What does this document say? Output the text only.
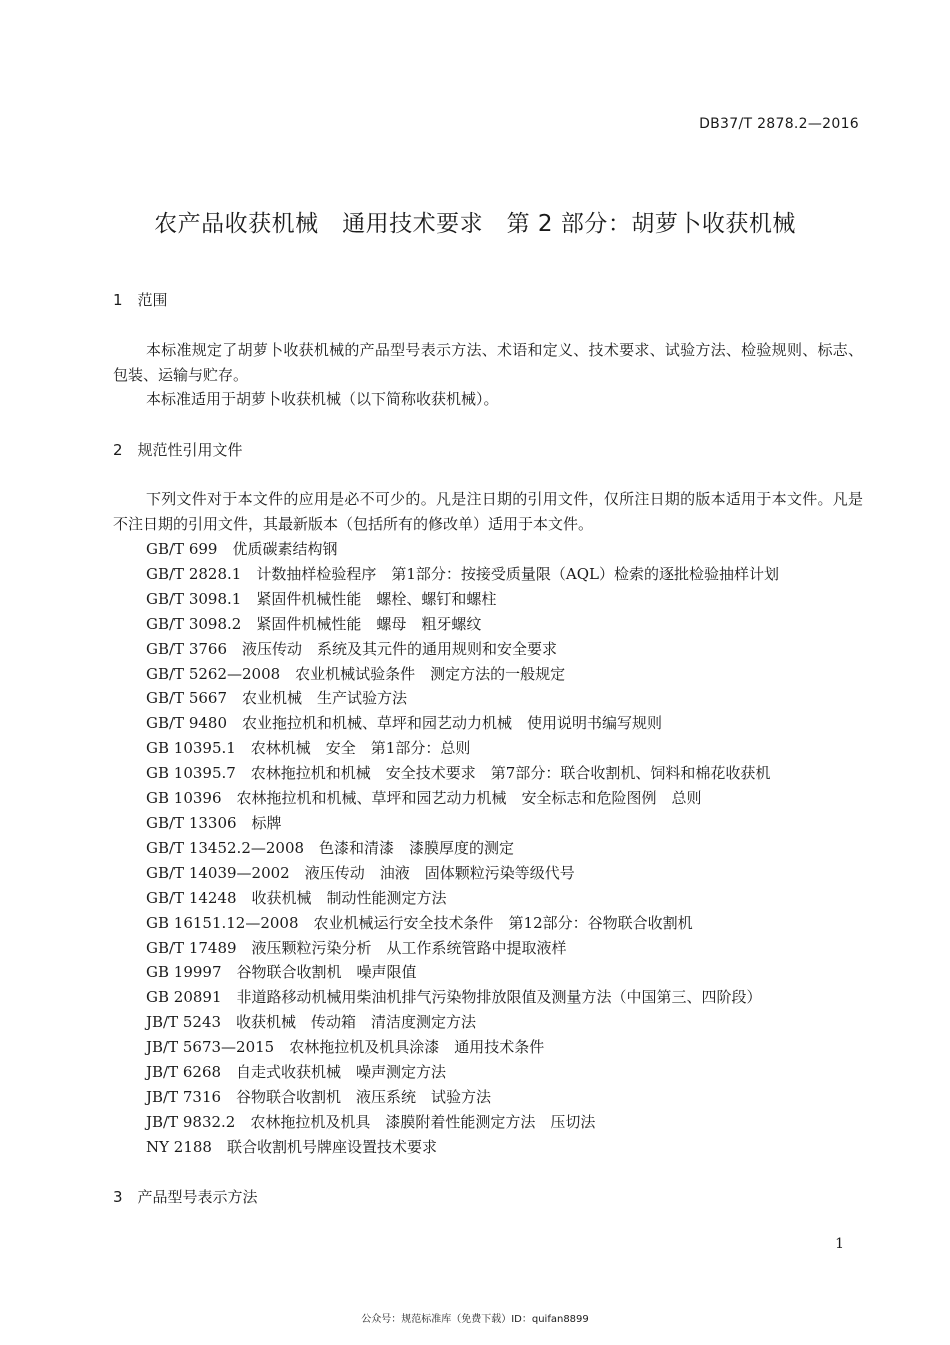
DB37/T 2878.2—2016
农产品收获机械　通用技术要求　第 2 部分：胡萝卜收获机械
1　范围

本标准规定了胡萝卜收获机械的产品型号表示方法、术语和定义、技术要求、试验方法、检验规则、标志、包装、运输与贮存。

本标准适用于胡萝卜收获机械（以下简称收获机械）。

2　规范性引用文件

下列文件对于本文件的应用是必不可少的。凡是注日期的引用文件，仅所注日期的版本适用于本文件。凡是不注日期的引用文件，其最新版本（包括所有的修改单）适用于本文件。

GB/T 699　优质碳素结构钢
GB/T 2828.1　计数抽样检验程序　第1部分：按接受质量限（AQL）检索的逐批检验抽样计划
GB/T 3098.1　紧固件机械性能　螺栓、螺钉和螺柱
GB/T 3098.2　紧固件机械性能　螺母　粗牙螺纹
GB/T 3766　液压传动　系统及其元件的通用规则和安全要求
GB/T 5262—2008　农业机械试验条件　测定方法的一般规定
GB/T 5667　农业机械　生产试验方法
GB/T 9480　农业拖拉机和机械、草坪和园艺动力机械　使用说明书编写规则
GB 10395.1　农林机械　安全　第1部分：总则
GB 10395.7　农林拖拉机和机械　安全技术要求　第7部分：联合收割机、饲料和棉花收获机
GB 10396　农林拖拉机和机械、草坪和园艺动力机械　安全标志和危险图例　总则
GB/T 13306　标牌
GB/T 13452.2—2008　色漆和清漆　漆膜厚度的测定
GB/T 14039—2002　液压传动　油液　固体颗粒污染等级代号
GB/T 14248　收获机械　制动性能测定方法
GB 16151.12—2008　农业机械运行安全技术条件　第12部分：谷物联合收割机
GB/T 17489　液压颗粒污染分析　从工作系统管路中提取液样
GB 19997　谷物联合收割机　噪声限值
GB 20891　非道路移动机械用柴油机排气污染物排放限值及测量方法（中国第三、四阶段）
JB/T 5243　收获机械　传动箱　清洁度测定方法
JB/T 5673—2015　农林拖拉机及机具涂漆　通用技术条件
JB/T 6268　自走式收获机械　噪声测定方法
JB/T 7316　谷物联合收割机　液压系统　试验方法
JB/T 9832.2　农林拖拉机及机具　漆膜附着性能测定方法　压切法
NY 2188　联合收割机号牌座设置技术要求
3　产品型号表示方法
1
公众号：规范标准库（免费下载）ID：quifan8899
